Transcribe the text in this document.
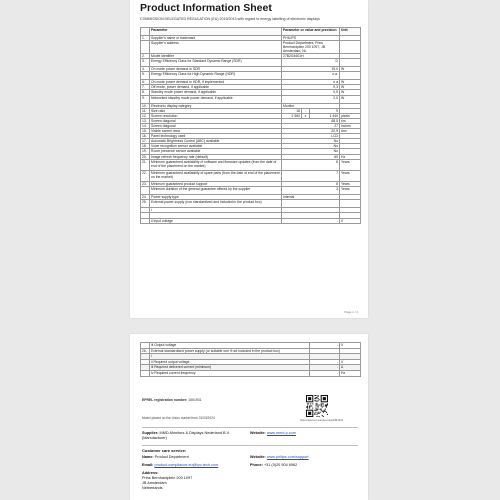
Product Information Sheet
COMMISSION DELEGATED REGULATION (EU) 2019/2013 with regard to energy labelling of electronic displays
	Parameter	Parameter or value and precision			Unit
1.	Supplier's name or trademark	PHILIPS			
	Supplier's address	Product Department, Prins Bernhardplein 200 1097, JB Amsterdam, NL			
2.	Model identifier	27B2G4601H			
3.	Energy Efficiency Class for Standard Dynamic Range (SDR)	D			
4.	On mode power demand in SDR	15,0			W
5.	Energy Efficiency Class for High Dynamic Range (HDR)	n.a.			
6.	On mode power demand in HDR, if implemented	n.a			W
7.	Off mode, power demand, if applicable	0,3			W
8.	Standby mode power demand, if applicable	0,5			W
9.	Networked standby mode power demand, if applicable	2,0			W
10.	Electronic display category	Monitor			
11.	Size ratio	16	:	9	
12.	Screen resolution	2 560	x	1 440	pixels
13.	Screen diagonal	68,5			cm
14.	Screen diagonal	27			inches
15.	Visible screen area	20,9			dm²
16.	Panel technology used	LCD			
17.	Automatic Brightness Control (ABC) available	No			
18.	Voice recognition sensor available	No			
19.	Room presence sensor available	No			
20.	Image refresh frequency rate (default)	60			Hz
21.	Minimum guaranteed availability of software and firmware updates (from the date of end of the placement on the market)	8			Years
22.	Minimum guaranteed availability of spare parts (from the date of end of the placement on the market)	7			Years
23.	Minimum guaranteed product support	8			Years
	Minimum duration of the general guarantee offered by the supplier	3			Years
24.	Power supply type	Internal			
25.	External power supply (non standardized and included in the product box)				
	i				

	ii Input voltage	-			V
Page 1 / 2
	iii Output voltage	-	V
26.	External standardised power supply (or suitable one if not included in the product box)		
	i		
	ii Required output voltage	-	V
	iii Required delivered current (minimum)	-	A
	iv Required current frequency	-	Hz
EPREL registration number: 1861931
Model placed on the Union market from 01/03/2024
https://eprel.ec.europa.eu/qr/1861931
Supplier: MMD-Monitors & Displays Nederland B.V. (Manufacturer)
Website: www.mmd-p.com
Customer care service:
Name: Product Department	Website: www.philips.com/support
Email: product.compliance.eu@tpv-tech.com	Phone: +31 (0)20 504 6962
Address:
Prins Bernhardplein 200 1097
JB Amsterdam
Netherlands
